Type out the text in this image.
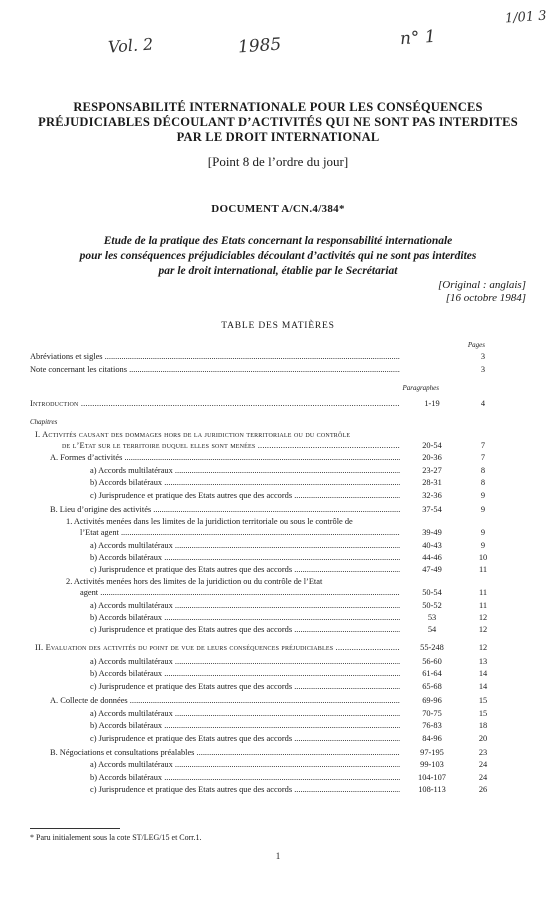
Vol. 2	1985	n° 1
1/01 3
RESPONSABILITÉ INTERNATIONALE POUR LES CONSÉQUENCES
PRÉJUDICIABLES DÉCOULANT D’ACTIVITÉS QUI NE SONT PAS INTERDITES
PAR LE DROIT INTERNATIONAL
[Point 8 de l’ordre du jour]
DOCUMENT A/CN.4/384*
Etude de la pratique des Etats concernant la responsabilité internationale
pour les conséquences préjudiciables découlant d’activités qui ne sont pas interdites
par le droit international, établie par le Secrétariat
[Original : anglais]
[16 octobre 1984]
TABLE DES MATIÈRES
Pages
Paragraphes
Chapitres
Abréviations et sigles .....	3
Note concernant les citations .....	3
Introduction .....	1-19	4
I. Activités causant des dommages hors de la juridiction territoriale ou du contrôle
de l’Etat sur le territoire duquel elles sont menées .....	20-54	7
A. Formes d’activités .....	20-36	7
a) Accords multilatéraux .....	23-27	8
b) Accords bilatéraux .....	28-31	8
c) Jurisprudence et pratique des Etats autres que des accords .....	32-36	9
B. Lieu d’origine des activités .....	37-54	9
1. Activités menées dans les limites de la juridiction territoriale ou sous le contrôle de
l’Etat agent .....	39-49	9
a) Accords multilatéraux .....	40-43	9
b) Accords bilatéraux .....	44-46	10
c) Jurisprudence et pratique des Etats autres que des accords .....	47-49	11
2. Activités menées hors des limites de la juridiction ou du contrôle de l’Etat
agent .....	50-54	11
a) Accords multilatéraux .....	50-52	11
b) Accords bilatéraux .....	53	12
c) Jurisprudence et pratique des Etats autres que des accords .....	54	12
II. Evaluation des activités du point de vue de leurs conséquences préjudiciables .....	55-248	12
a) Accords multilatéraux .....	56-60	13
b) Accords bilatéraux .....	61-64	14
c) Jurisprudence et pratique des Etats autres que des accords .....	65-68	14
A. Collecte de données .....	69-96	15
a) Accords multilatéraux .....	70-75	15
b) Accords bilatéraux .....	76-83	18
c) Jurisprudence et pratique des Etats autres que des accords .....	84-96	20
B. Négociations et consultations préalables .....	97-195	23
a) Accords multilatéraux .....	99-103	24
b) Accords bilatéraux .....	104-107	24
c) Jurisprudence et pratique des Etats autres que des accords .....	108-113	26
* Paru initialement sous la cote ST/LEG/15 et Corr.1.
1
